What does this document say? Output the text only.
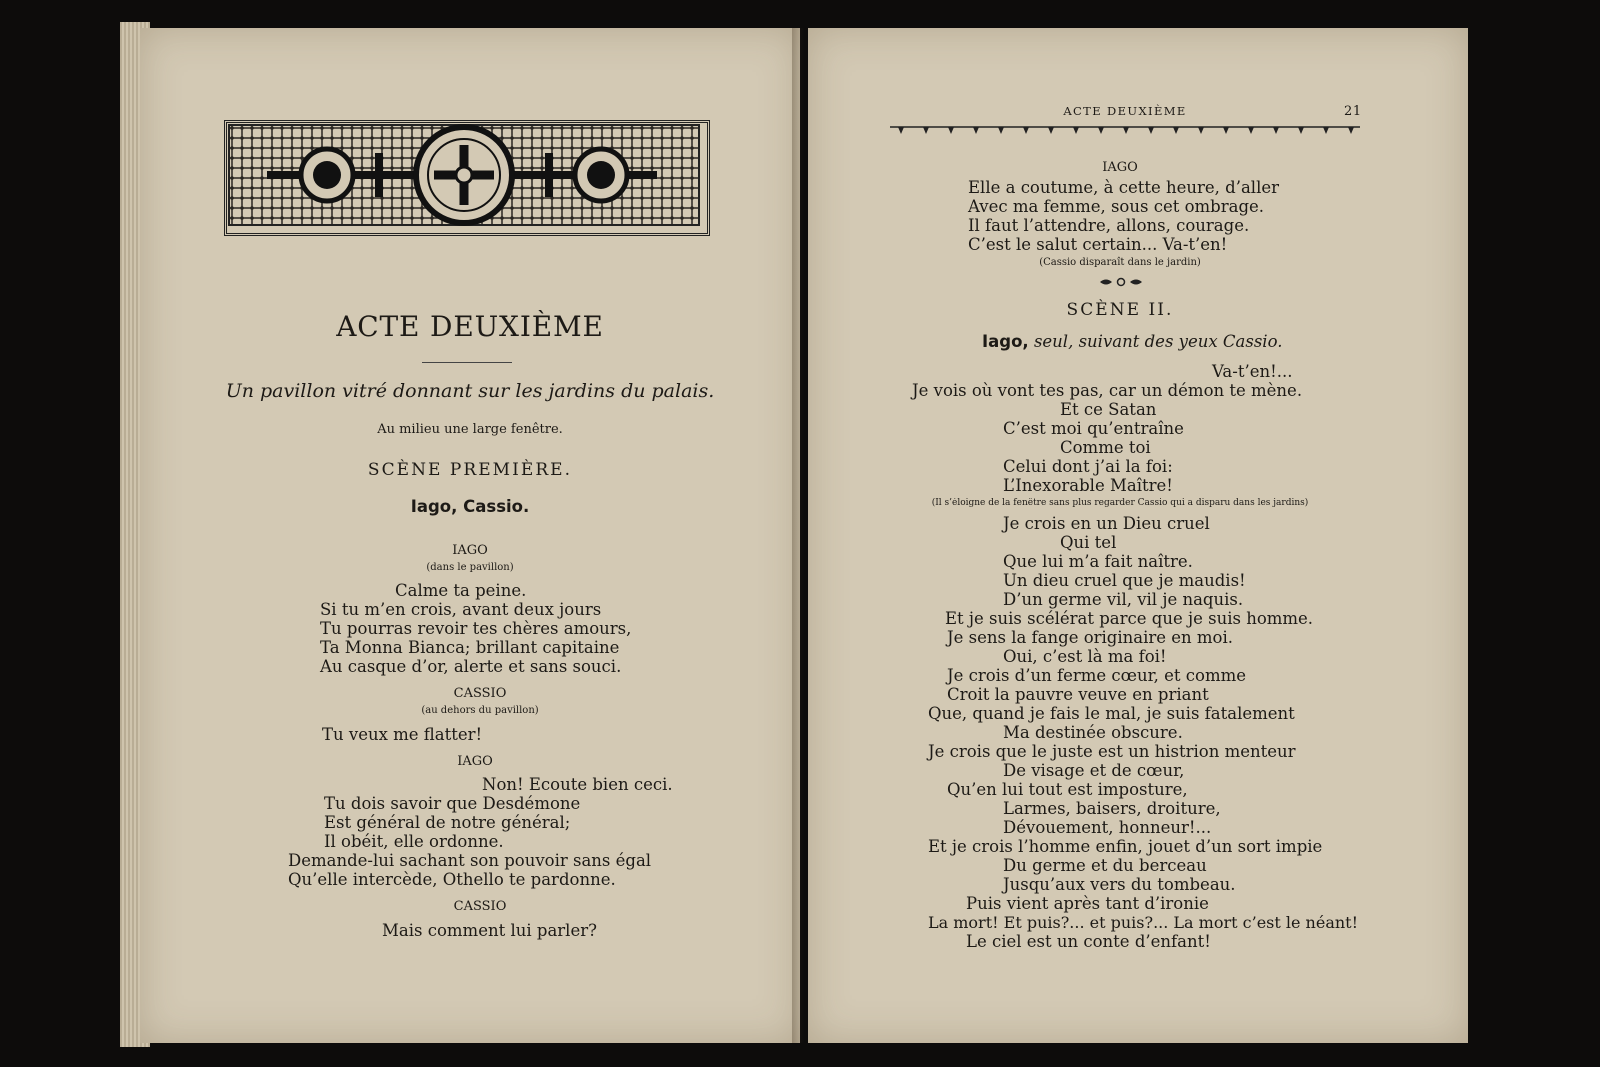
ACTE DEUXIÈME
Un pavillon vitré donnant sur les jardins du palais.
Au milieu une large fenêtre.
SCÈNE PREMIÈRE.
Iago, Cassio.
IAGO
(dans le pavillon)
Calme ta peine.
Si tu m’en crois, avant deux jours
Tu pourras revoir tes chères amours,
Ta Monna Bianca; brillant capitaine
Au casque d’or, alerte et sans souci.
CASSIO
(au dehors du pavillon)
Tu veux me flatter!
IAGO
Non! Ecoute bien ceci.
Tu dois savoir que Desdémone
Est général de notre général;
Il obéit, elle ordonne.
Demande-lui sachant son pouvoir sans égal
Qu’elle intercède, Othello te pardonne.
CASSIO
Mais comment lui parler?
ACTE DEUXIÈME	21
IAGO
Elle a coutume, à cette heure, d’aller
Avec ma femme, sous cet ombrage.
Il faut l’attendre, allons, courage.
C’est le salut certain... Va-t’en!
(Cassio disparaît dans le jardin)
SCÈNE II.
Iago, seul, suivant des yeux Cassio.
Va-t’en!...
Je vois où vont tes pas, car un démon te mène.
Et ce Satan
C’est moi qu’entraîne
Comme toi
Celui dont j’ai la foi:
L’Inexorable Maître!
(Il s’éloigne de la fenêtre sans plus regarder Cassio qui a disparu dans les jardins)
Je crois en un Dieu cruel
Qui tel
Que lui m’a fait naître.
Un dieu cruel que je maudis!
D’un germe vil, vil je naquis.
Et je suis scélérat parce que je suis homme.
Je sens la fange originaire en moi.
Oui, c’est là ma foi!
Je crois d’un ferme cœur, et comme
Croit la pauvre veuve en priant
Que, quand je fais le mal, je suis fatalement
Ma destinée obscure.
Je crois que le juste est un histrion menteur
De visage et de cœur,
Qu’en lui tout est imposture,
Larmes, baisers, droiture,
Dévouement, honneur!...
Et je crois l’homme enfin, jouet d’un sort impie
Du germe et du berceau
Jusqu’aux vers du tombeau.
Puis vient après tant d’ironie
La mort! Et puis?... et puis?... La mort c’est le néant!
Le ciel est un conte d’enfant!
